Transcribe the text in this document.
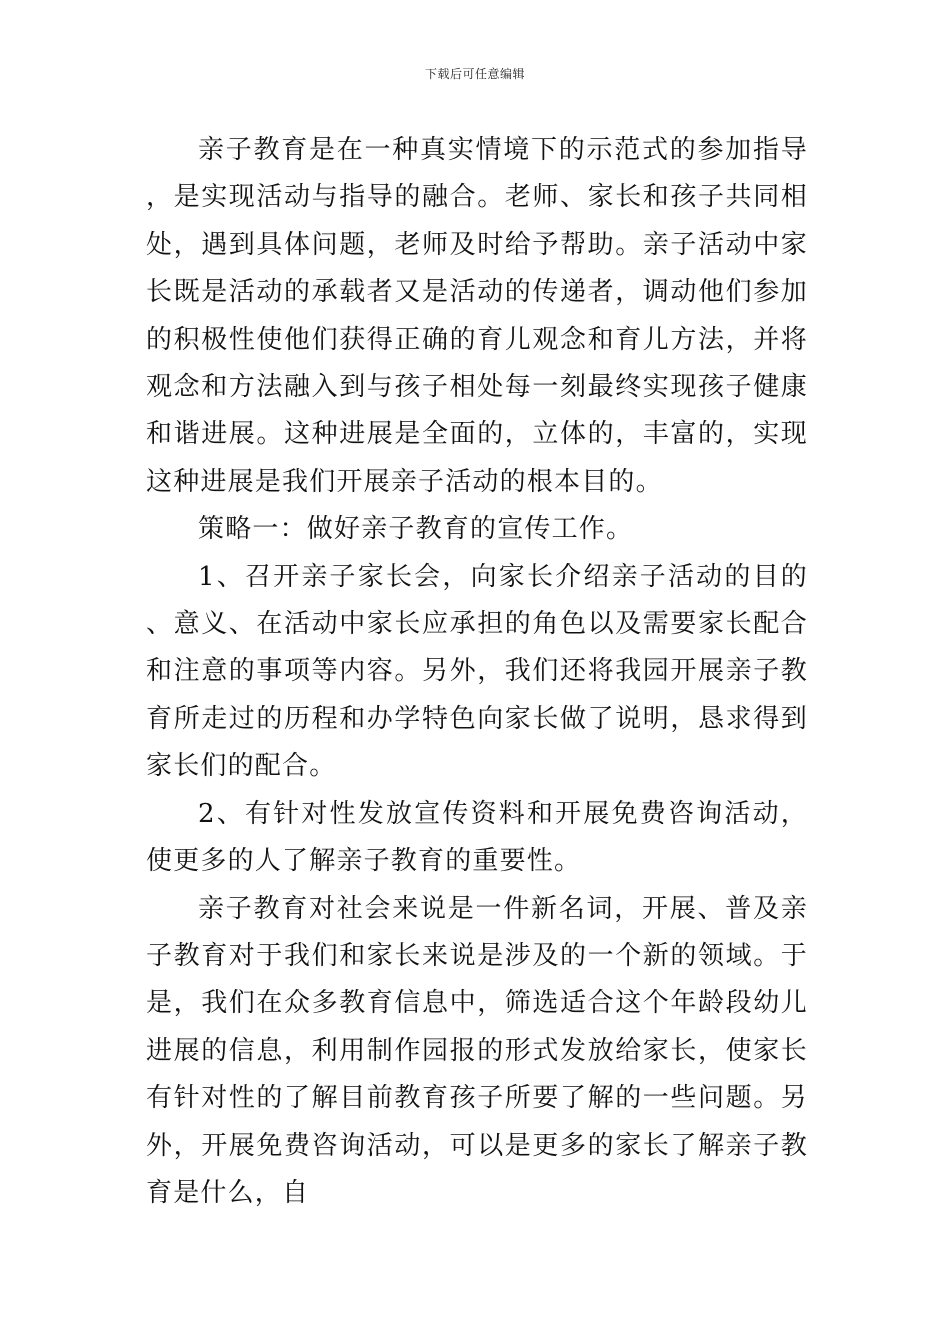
下载后可任意编辑

亲子教育是在一种真实情境下的示范式的参加指导，是实现活动与指导的融合。老师、家长和孩子共同相处，遇到具体问题，老师及时给予帮助。亲子活动中家长既是活动的承载者又是活动的传递者，调动他们参加的积极性使他们获得正确的育儿观念和育儿方法，并将观念和方法融入到与孩子相处每一刻最终实现孩子健康和谐进展。这种进展是全面的，立体的，丰富的，实现这种进展是我们开展亲子活动的根本目的。

策略一：做好亲子教育的宣传工作。

1、召开亲子家长会，向家长介绍亲子活动的目的、意义、在活动中家长应承担的角色以及需要家长配合和注意的事项等内容。另外，我们还将我园开展亲子教育所走过的历程和办学特色向家长做了说明，恳求得到家长们的配合。

2、有针对性发放宣传资料和开展免费咨询活动，使更多的人了解亲子教育的重要性。

亲子教育对社会来说是一件新名词，开展、普及亲子教育对于我们和家长来说是涉及的一个新的领域。于是，我们在众多教育信息中，筛选适合这个年龄段幼儿进展的信息，利用制作园报的形式发放给家长，使家长有针对性的了解目前教育孩子所要了解的一些问题。另外，开展免费咨询活动，可以是更多的家长了解亲子教育是什么，自
